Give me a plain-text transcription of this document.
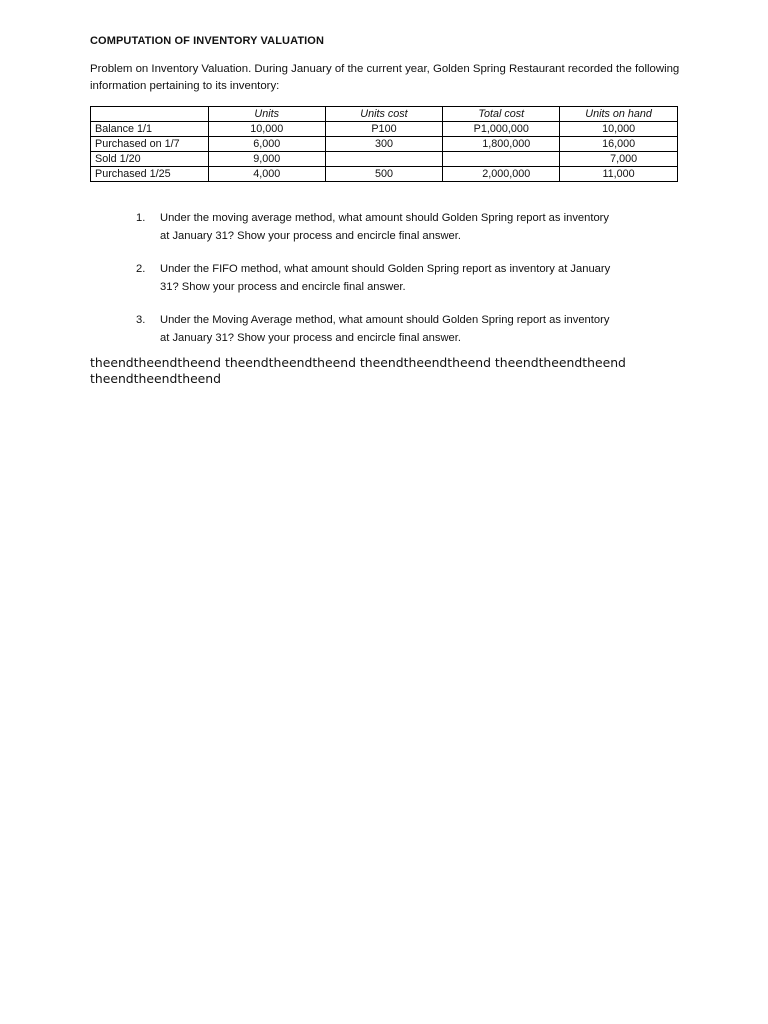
COMPUTATION OF INVENTORY VALUATION
Problem on Inventory Valuation. During January of the current year, Golden Spring Restaurant recorded the following information pertaining to its inventory:
	Units	Units cost	Total cost	Units on hand
Balance 1/1	10,000	P100	P1,000,000	10,000
Purchased on 1/7	6,000	300	1,800,000	16,000
Sold 1/20	9,000			7,000
Purchased 1/25	4,000	500	2,000,000	11,000
1.	Under the moving average method, what amount should Golden Spring report as inventory
at January 31? Show your process and encircle final answer.
2.	Under the FIFO method, what amount should Golden Spring report as inventory at January
31? Show your process and encircle final answer.
3.	Under the Moving Average method, what amount should Golden Spring report as inventory
at January 31? Show your process and encircle final answer.
theendtheendtheend theendtheendtheend theendtheendtheend theendtheendtheend theendtheendtheend
